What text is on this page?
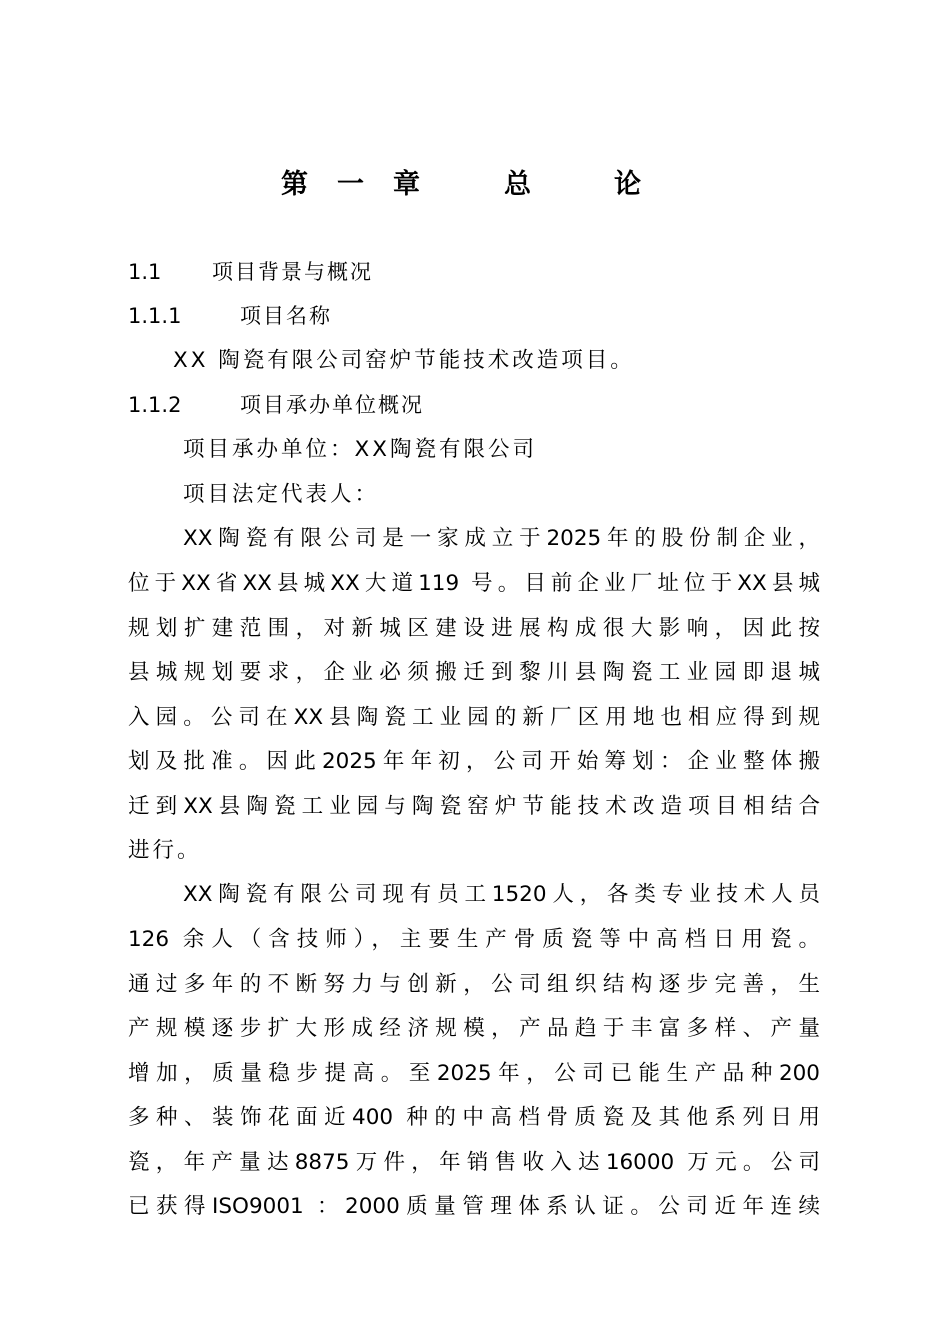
第 一 章	总	论
1.1 项目背景与概况
1.1.1	项目名称
XX 陶瓷有限公司窑炉节能技术改造项目。
1.1.2	项目承办单位概况
项目承办单位：XX陶瓷有限公司
项目法定代表人：
XX陶瓷有限公司是一家成立于2025年的股份制企业，
位于XX省XX县城XX大道119 号。目前企业厂址位于XX县城
规划扩建范围，对新城区建设进展构成很大影响，因此按
县城规划要求，企业必须搬迁到黎川县陶瓷工业园即退城
入园。公司在XX县陶瓷工业园的新厂区用地也相应得到规
划及批准。因此2025年年初，公司开始筹划：企业整体搬
迁到XX县陶瓷工业园与陶瓷窑炉节能技术改造项目相结合
进行。
XX陶瓷有限公司现有员工1520人，各类专业技术人员
126 余人（含技师），主要生产骨质瓷等中高档日用瓷。
通过多年的不断努力与创新，公司组织结构逐步完善，生
产规模逐步扩大形成经济规模，产品趋于丰富多样、产量
增加，质量稳步提高。至2025年，公司已能生产品种200
多种、装饰花面近400 种的中高档骨质瓷及其他系列日用
瓷，年产量达8875万件，年销售收入达16000 万元。公司
已获得ISO9001 ：2000质量管理体系认证。公司近年连续
